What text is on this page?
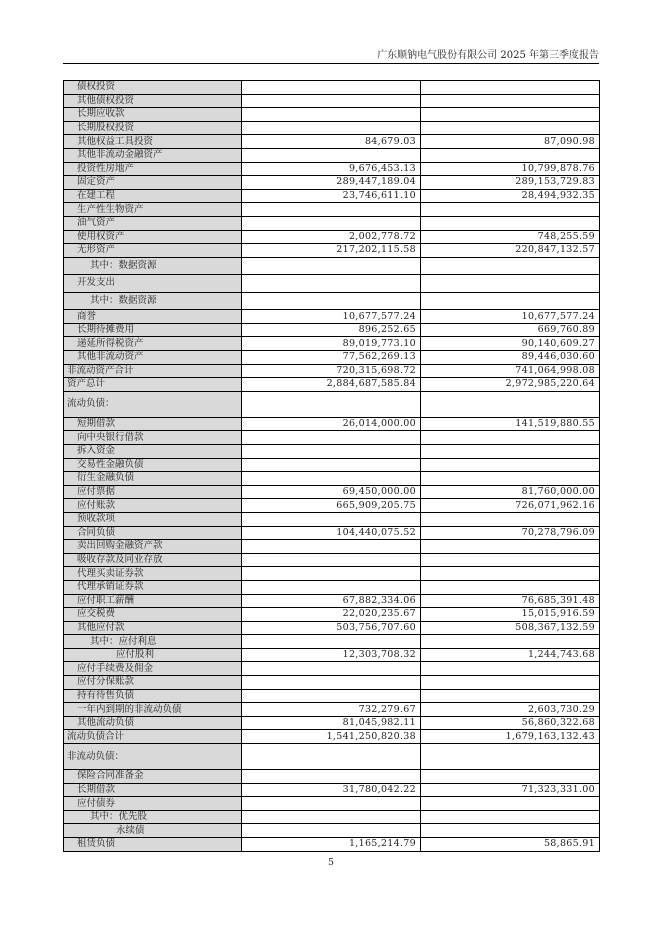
广东顺钠电气股份有限公司 2025 年第三季度报告
债权投资		
其他债权投资		
长期应收款		
长期股权投资		
其他权益工具投资	84,679.03	87,090.98
其他非流动金融资产		
投资性房地产	9,676,453.13	10,799,878.76
固定资产	289,447,189.04	289,153,729.83
在建工程	23,746,611.10	28,494,932.35
生产性生物资产		
油气资产		
使用权资产	2,002,778.72	748,255.59
无形资产	217,202,115.58	220,847,132.57
其中：数据资源		
开发支出		
其中：数据资源		
商誉	10,677,577.24	10,677,577.24
长期待摊费用	896,252.65	669,760.89
递延所得税资产	89,019,773.10	90,140,609.27
其他非流动资产	77,562,269.13	89,446,030.60
非流动资产合计	720,315,698.72	741,064,998.08
资产总计	2,884,687,585.84	2,972,985,220.64
流动负债：		
短期借款	26,014,000.00	141,519,880.55
向中央银行借款		
拆入资金		
交易性金融负债		
衍生金融负债		
应付票据	69,450,000.00	81,760,000.00
应付账款	665,909,205.75	726,071,962.16
预收款项		
合同负债	104,440,075.52	70,278,796.09
卖出回购金融资产款		
吸收存款及同业存放		
代理买卖证券款		
代理承销证券款		
应付职工薪酬	67,882,334.06	76,685,391.48
应交税费	22,020,235.67	15,015,916.59
其他应付款	503,756,707.60	508,367,132.59
其中：应付利息		
应付股利	12,303,708.32	1,244,743.68
应付手续费及佣金		
应付分保账款		
持有待售负债		
一年内到期的非流动负债	732,279.67	2,603,730.29
其他流动负债	81,045,982.11	56,860,322.68
流动负债合计	1,541,250,820.38	1,679,163,132.43
非流动负债：		
保险合同准备金		
长期借款	31,780,042.22	71,323,331.00
应付债券		
其中：优先股		
永续债		
租赁负债	1,165,214.79	58,865.91
5
